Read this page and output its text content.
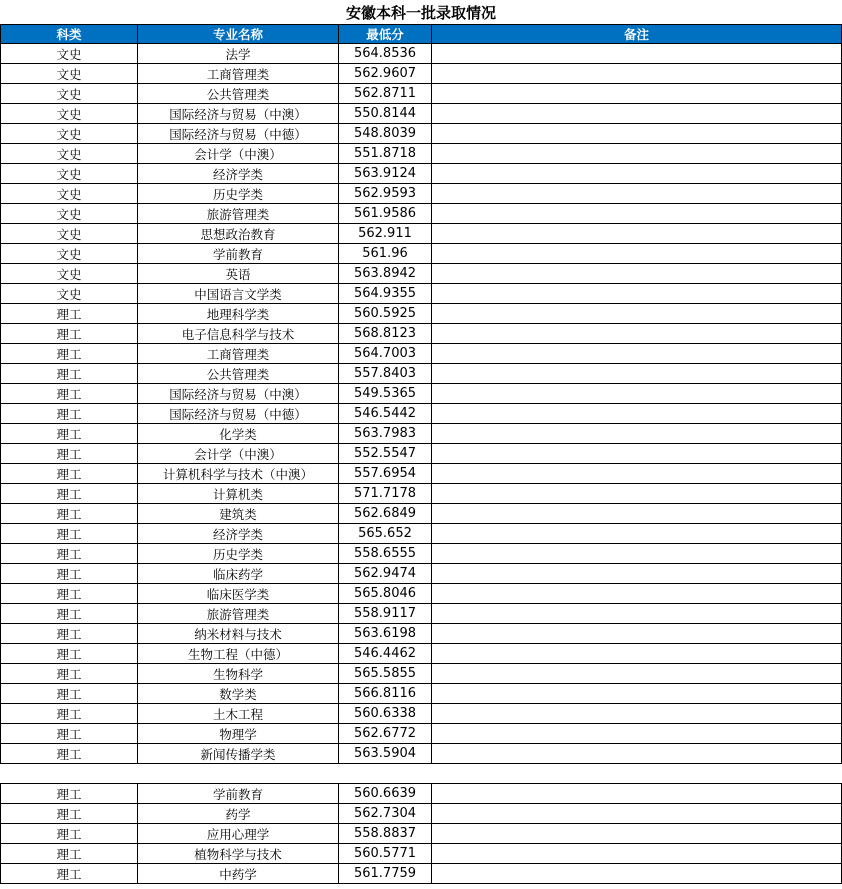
安徽本科一批录取情况
科类	专业名称	最低分	备注
文史	法学	564.8536	
文史	工商管理类	562.9607	
文史	公共管理类	562.8711	
文史	国际经济与贸易（中澳）	550.8144	
文史	国际经济与贸易（中德）	548.8039	
文史	会计学（中澳）	551.8718	
文史	经济学类	563.9124	
文史	历史学类	562.9593	
文史	旅游管理类	561.9586	
文史	思想政治教育	562.911	
文史	学前教育	561.96	
文史	英语	563.8942	
文史	中国语言文学类	564.9355	
理工	地理科学类	560.5925	
理工	电子信息科学与技术	568.8123	
理工	工商管理类	564.7003	
理工	公共管理类	557.8403	
理工	国际经济与贸易（中澳）	549.5365	
理工	国际经济与贸易（中德）	546.5442	
理工	化学类	563.7983	
理工	会计学（中澳）	552.5547	
理工	计算机科学与技术（中澳）	557.6954	
理工	计算机类	571.7178	
理工	建筑类	562.6849	
理工	经济学类	565.652	
理工	历史学类	558.6555	
理工	临床药学	562.9474	
理工	临床医学类	565.8046	
理工	旅游管理类	558.9117	
理工	纳米材料与技术	563.6198	
理工	生物工程（中德）	546.4462	
理工	生物科学	565.5855	
理工	数学类	566.8116	
理工	土木工程	560.6338	
理工	物理学	562.6772	
理工	新闻传播学类	563.5904	
理工	学前教育	560.6639	
理工	药学	562.7304	
理工	应用心理学	558.8837	
理工	植物科学与技术	560.5771	
理工	中药学	561.7759	
